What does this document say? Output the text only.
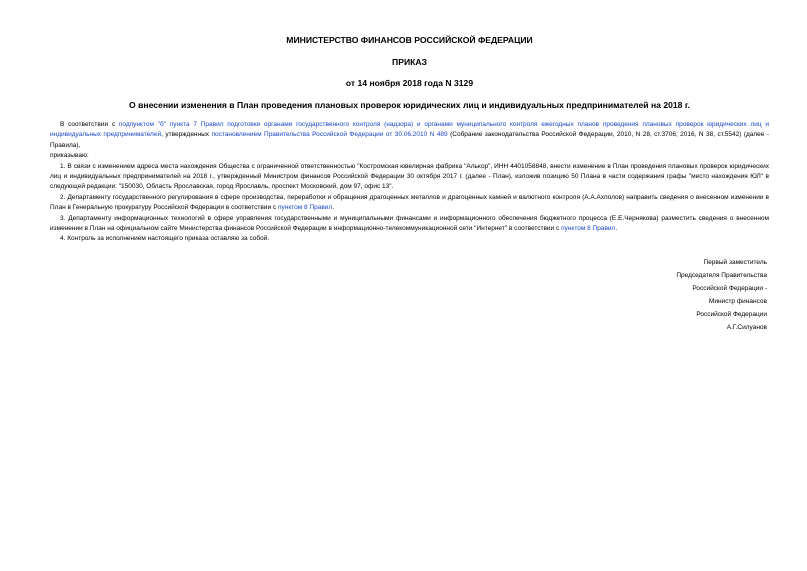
МИНИСТЕРСТВО ФИНАНСОВ РОССИЙСКОЙ ФЕДЕРАЦИИ
ПРИКАЗ
от 14 ноября 2018 года N 3129
О внесении изменения в План проведения плановых проверок юридических лиц и индивидуальных предпринимателей на 2018 г.

В соответствии с подпунктом "б" пункта 7 Правил подготовки органами государственного контроля (надзора) и органами муниципального контроля ежегодных планов проведения плановых проверок юридических лиц и индивидуальных предпринимателей, утвержденных постановлением Правительства Российской Федерации от 30.06.2010 N 489 (Собрание законодательства Российской Федерации, 2010, N 28, ст.3706; 2016, N 38, ст.5542) (далее - Правила),

приказываю:

1. В связи с изменением адреса места нахождения Общества с ограниченной ответственностью "Костромская ювелирная фабрика "Алькор", ИНН 4401058848, внести изменение в План проведения плановых проверок юридических лиц и индивидуальных предпринимателей на 2018 г., утвержденный Министром финансов Российской Федерации 30 октября 2017 г. (далее - План), изложив позицию 50 Плана в части содержания графы "место нахождения ЮЛ" в следующей редакции: "150030, Область Ярославская, город Ярославль, проспект Московский, дом 97, офис 13".

2. Департаменту государственного регулирования в сфере производства, переработки и обращения драгоценных металлов и драгоценных камней и валютного контроля (А.А.Ахполов) направить сведения о внесенном изменении в План в Генеральную прокуратуру Российской Федерации в соответствии с пунктом 8 Правил.

3. Департаменту информационных технологий в сфере управления государственными и муниципальными финансами и информационного обеспечения бюджетного процесса (Е.Е.Чернякова) разместить сведения о внесенном изменении в План на официальном сайте Министерства финансов Российской Федерации в информационно-телекоммуникационной сети "Интернет" в соответствии с пунктом 8 Правил.

4. Контроль за исполнением настоящего приказа оставляю за собой.

Первый заместитель
Председателя Правительства
Российской Федерации -
Министр финансов
Российской Федерации
А.Г.Силуанов
